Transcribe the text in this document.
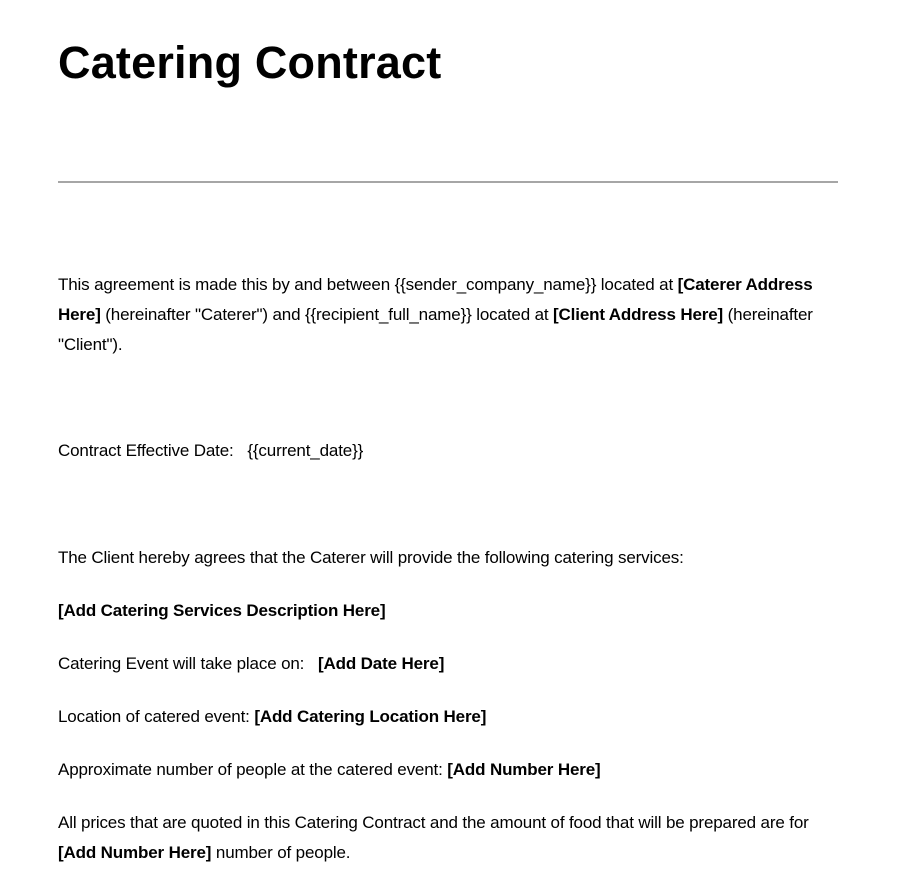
Catering Contract

This agreement is made this by and between {{sender_company_name}} located at [Caterer Address Here] (hereinafter "Caterer") and {{recipient_full_name}} located at [Client Address Here] (hereinafter "Client").

Contract Effective Date: {{current_date}}

The Client hereby agrees that the Caterer will provide the following catering services:

[Add Catering Services Description Here]

Catering Event will take place on: [Add Date Here]

Location of catered event: [Add Catering Location Here]

Approximate number of people at the catered event: [Add Number Here]

All prices that are quoted in this Catering Contract and the amount of food that will be prepared are for [Add Number Here] number of people.
